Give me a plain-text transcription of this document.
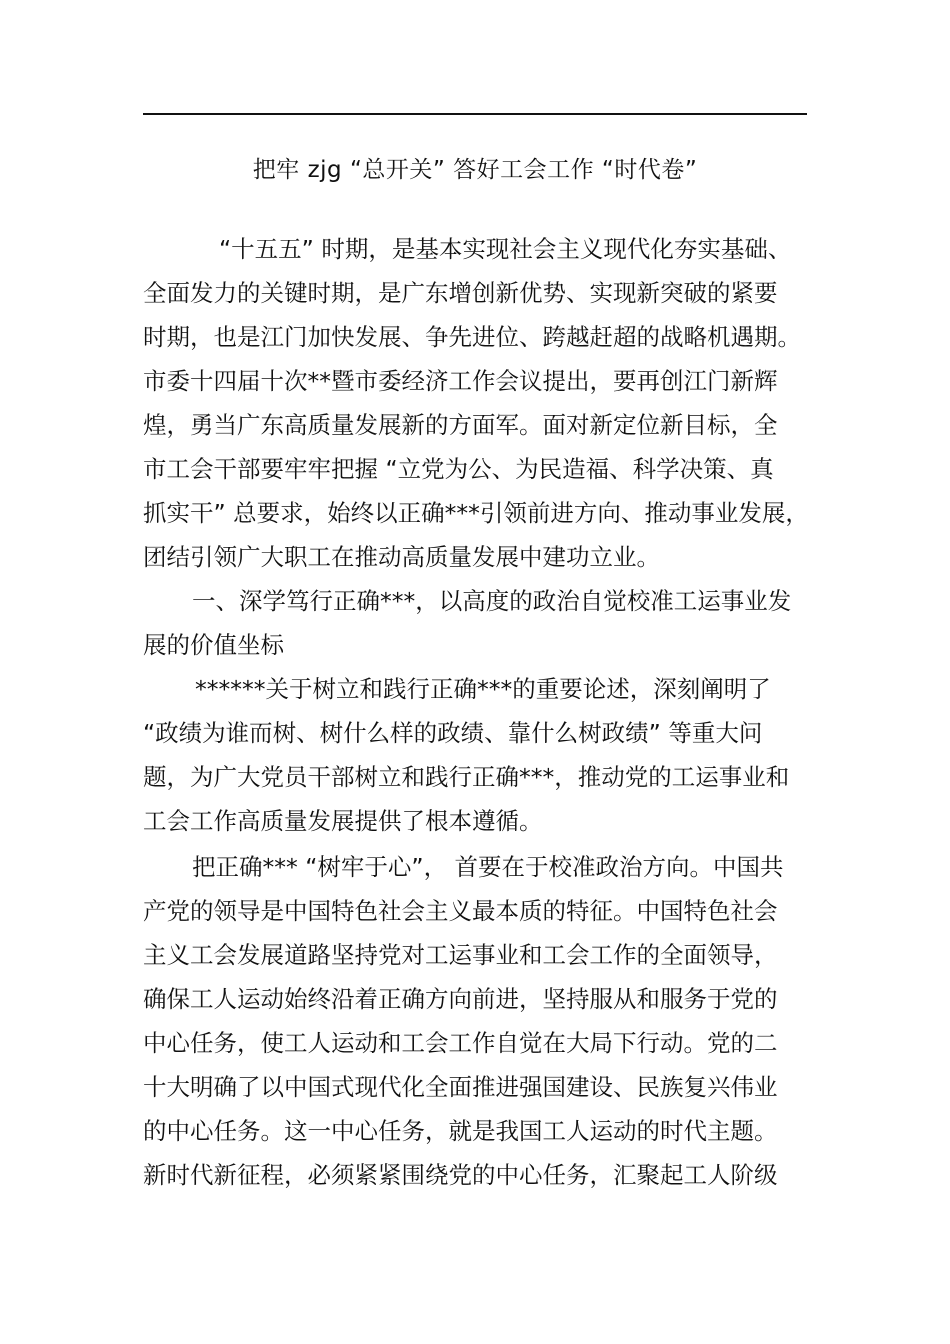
把牢 zjg “总开关” 答好工会工作 “时代卷”
“十五五” 时期，是基本实现社会主义现代化夯实基础、
全面发力的关键时期，是广东增创新优势、实现新突破的紧要
时期，也是江门加快发展、争先进位、跨越赶超的战略机遇期。
市委十四届十次**暨市委经济工作会议提出，要再创江门新辉
煌，勇当广东高质量发展新的方面军。面对新定位新目标，全
市工会干部要牢牢把握 “立党为公、为民造福、科学决策、真
抓实干” 总要求，始终以正确***引领前进方向、推动事业发展，
团结引领广大职工在推动高质量发展中建功立业。
一、深学笃行正确***，以高度的政治自觉校准工运事业发
展的价值坐标
******关于树立和践行正确***的重要论述，深刻阐明了
“政绩为谁而树、树什么样的政绩、靠什么树政绩” 等重大问
题，为广大党员干部树立和践行正确***，推动党的工运事业和
工会工作高质量发展提供了根本遵循。
把正确*** “树牢于心”， 首要在于校准政治方向。中国共
产党的领导是中国特色社会主义最本质的特征。中国特色社会
主义工会发展道路坚持党对工运事业和工会工作的全面领导，
确保工人运动始终沿着正确方向前进，坚持服从和服务于党的
中心任务，使工人运动和工会工作自觉在大局下行动。党的二
十大明确了以中国式现代化全面推进强国建设、民族复兴伟业
的中心任务。这一中心任务，就是我国工人运动的时代主题。
新时代新征程，必须紧紧围绕党的中心任务，汇聚起工人阶级
